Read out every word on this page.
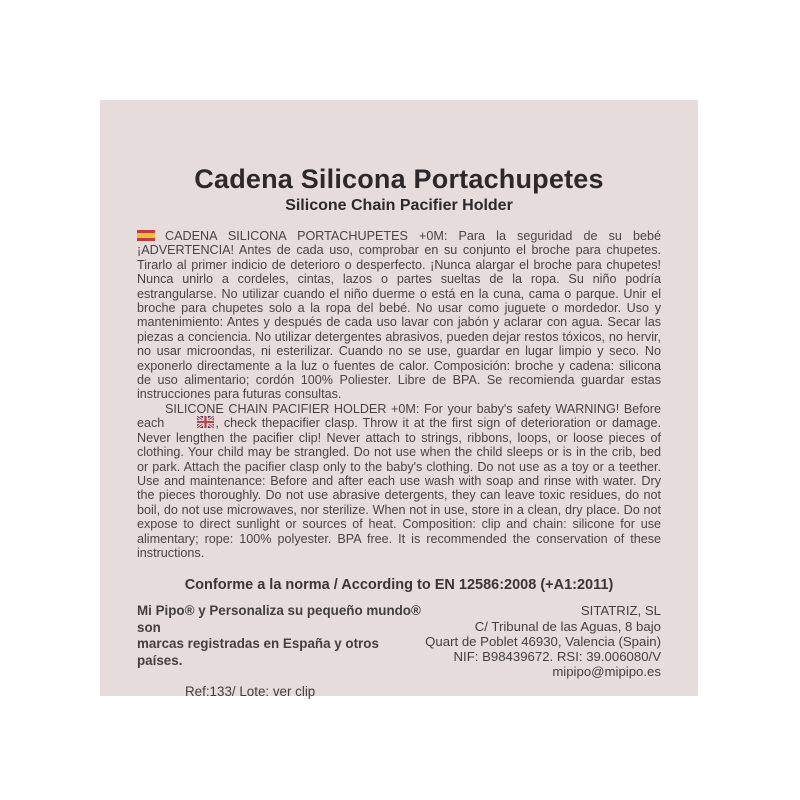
Cadena Silicona Portachupetes
Silicone Chain Pacifier Holder

CADENA SILICONA PORTACHUPETES +0M: Para la seguridad de su bebé ¡ADVERTENCIA! Antes de cada uso, comprobar en su conjunto el broche para chupetes. Tirarlo al primer indicio de deterioro o desperfecto. ¡Nunca alargar el broche para chupetes! Nunca unirlo a cordeles, cintas, lazos o partes sueltas de la ropa. Su niño podría estrangularse. No utilizar cuando el niño duerme o está en la cuna, cama o parque. Unir el broche para chupetes solo a la ropa del bebé. No usar como juguete o mordedor. Uso y mantenimiento: Antes y después de cada uso lavar con jabón y aclarar con agua. Secar las piezas a conciencia. No utilizar detergentes abrasivos, pueden dejar restos tóxicos, no hervir, no usar microondas, ni esterilizar. Cuando no se use, guardar en lugar limpio y seco. No exponerlo directamente a la luz o fuentes de calor. Composición: broche y cadena: silicona de uso alimentario; cordón 100% Poliester. Libre de BPA. Se recomienda guardar estas instrucciones para futuras consultas.

SILICONE CHAIN PACIFIER HOLDER +0M: For your baby's safety WARNING! Before each	, check thepacifier clasp. Throw it at the first sign of deterioration or damage. Never lengthen the pacifier clip! Never attach to strings, ribbons, loops, or loose pieces of clothing. Your child may be strangled. Do not use when the child sleeps or is in the crib, bed or park. Attach the pacifier clasp only to the baby's clothing. Do not use as a toy or a teether. Use and maintenance: Before and after each use wash with soap and rinse with water. Dry the pieces thoroughly. Do not use abrasive detergents, they can leave toxic residues, do not boil, do not use microwaves, nor sterilize. When not in use, store in a clean, dry place. Do not expose to direct sunlight or sources of heat. Composition: clip and chain: silicone for use alimentary; rope: 100% polyester. BPA free. It is recommended the conservation of these instructions.

Conforme a la norma / According to EN 12586:2008 (+A1:2011)
Mi Pipo® y Personaliza su pequeño mundo® son
marcas registradas en España y otros países.
Ref:133/ Lote: ver clip
SITATRIZ, SL
C/ Tribunal de las Aguas, 8 bajo
Quart de Poblet 46930, Valencia (Spain)
NIF: B98439672. RSI: 39.006080/V
mipipo@mipipo.es
